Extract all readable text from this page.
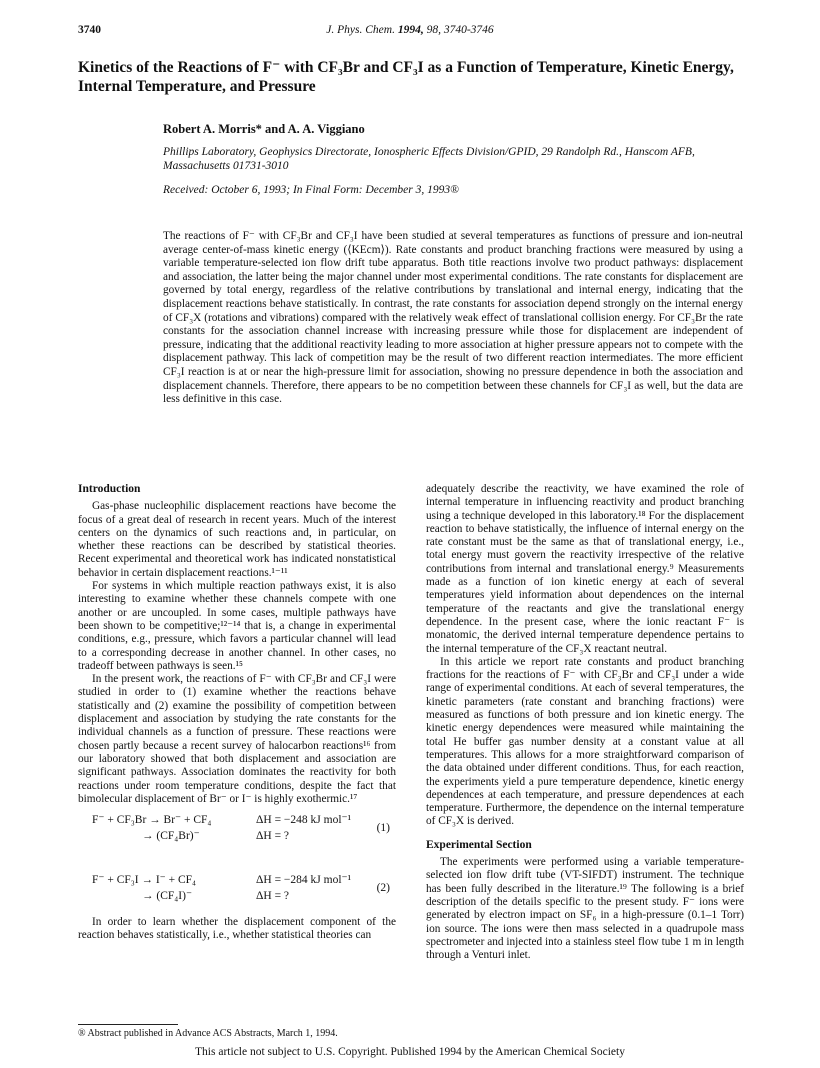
3740	J. Phys. Chem. 1994, 98, 3740-3746
Kinetics of the Reactions of F⁻ with CF₃Br and CF₃I as a Function of Temperature, Kinetic Energy, Internal Temperature, and Pressure
Robert A. Morris* and A. A. Viggiano
Phillips Laboratory, Geophysics Directorate, Ionospheric Effects Division/GPID, 29 Randolph Rd., Hanscom AFB, Massachusetts 01731-3010
Received: October 6, 1993; In Final Form: December 3, 1993®
The reactions of F⁻ with CF₃Br and CF₃I have been studied at several temperatures as functions of pressure and ion-neutral average center-of-mass kinetic energy (⟨KEcm⟩). Rate constants and product branching fractions were measured by using a variable temperature-selected ion flow drift tube apparatus. Both title reactions involve two product pathways: displacement and association, the latter being the major channel under most experimental conditions. The rate constants for displacement are governed by total energy, regardless of the relative contributions by translational and internal energy, indicating that the displacement reactions behave statistically. In contrast, the rate constants for association depend strongly on the internal energy of CF₃X (rotations and vibrations) compared with the relatively weak effect of translational collision energy. For CF₃Br the rate constants for the association channel increase with increasing pressure while those for displacement are independent of pressure, indicating that the additional reactivity leading to more association at higher pressure appears not to compete with the displacement pathway. This lack of competition may be the result of two different reaction intermediates. The more efficient CF₃I reaction is at or near the high-pressure limit for association, showing no pressure dependence in both the association and displacement channels. Therefore, there appears to be no competition between these channels for CF₃I as well, but the data are less definitive in this case.
Introduction

Gas-phase nucleophilic displacement reactions have become the focus of a great deal of research in recent years. Much of the interest centers on the dynamics of such reactions and, in particular, on whether these reactions can be described by statistical theories. Recent experimental and theoretical work has indicated nonstatistical behavior in certain displacement reactions.¹⁻¹¹

For systems in which multiple reaction pathways exist, it is also interesting to examine whether these channels compete with one another or are uncoupled. In some cases, multiple pathways have been shown to be competitive;¹²⁻¹⁴ that is, a change in experimental conditions, e.g., pressure, which favors a particular channel will lead to a corresponding decrease in another channel. In other cases, no tradeoff between pathways is seen.¹⁵

In the present work, the reactions of F⁻ with CF₃Br and CF₃I were studied in order to (1) examine whether the reactions behave statistically and (2) examine the possibility of competition between displacement and association by studying the rate constants for the individual channels as a function of pressure. These reactions were chosen partly because a recent survey of halocarbon reactions¹⁶ from our laboratory showed that both displacement and association are significant pathways. Association dominates the reactivity for both reactions under room temperature conditions, despite the fact that bimolecular displacement of Br⁻ or I⁻ is highly exothermic.¹⁷

F⁻ + CF₃Br → Br⁻ + CF₄
→ (CF₄Br)⁻
ΔH = −248 kJ mol⁻¹
ΔH = ?
(1)
F⁻ + CF₃I → I⁻ + CF₄
→ (CF₄I)⁻
ΔH = −284 kJ mol⁻¹
ΔH = ?
(2)

In order to learn whether the displacement component of the reaction behaves statistically, i.e., whether statistical theories can

adequately describe the reactivity, we have examined the role of internal temperature in influencing reactivity and product branching using a technique developed in this laboratory.¹⁸ For the displacement reaction to behave statistically, the influence of internal energy on the rate constant must be the same as that of translational energy, i.e., total energy must govern the reactivity irrespective of the relative contributions from internal and translational energy.⁹ Measurements made as a function of ion kinetic energy at each of several temperatures yield information about dependences on the internal temperature of the reactants and give the translational energy dependence. In the present case, where the ionic reactant F⁻ is monatomic, the derived internal temperature dependence pertains to the internal temperature of the CF₃X reactant neutral.

In this article we report rate constants and product branching fractions for the reactions of F⁻ with CF₃Br and CF₃I under a wide range of experimental conditions. At each of several temperatures, the kinetic parameters (rate constant and branching fractions) were measured as functions of both pressure and ion kinetic energy. The kinetic energy dependences were measured while maintaining the total He buffer gas number density at a constant value at all temperatures. This allows for a more straightforward comparison of the data obtained under different conditions. Thus, for each reaction, the experiments yield a pure temperature dependence, kinetic energy dependences at each temperature, and pressure dependences at each temperature. Furthermore, the dependence on the internal temperature of CF₃X is derived.

Experimental Section

The experiments were performed using a variable temperature-selected ion flow drift tube (VT-SIFDT) instrument. The technique has been fully described in the literature.¹⁹ The following is a brief description of the details specific to the present study. F⁻ ions were generated by electron impact on SF₆ in a high-pressure (0.1–1 Torr) ion source. The ions were then mass selected in a quadrupole mass spectrometer and injected into a stainless steel flow tube 1 m in length through a Venturi inlet.

® Abstract published in Advance ACS Abstracts, March 1, 1994.
This article not subject to U.S. Copyright. Published 1994 by the American Chemical Society
